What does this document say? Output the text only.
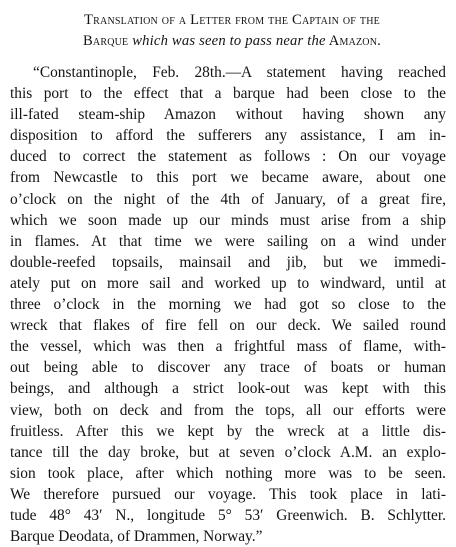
Translation of a Letter from the Captain of the
Barque which was seen to pass near the Amazon.
“Constantinople, Feb. 28th.—A statement having reached
this port to the effect that a barque had been close to the
ill-fated steam-ship Amazon without having shown any
disposition to afford the sufferers any assistance, I am in-
duced to correct the statement as follows : On our voyage
from Newcastle to this port we became aware, about one
o’clock on the night of the 4th of January, of a great fire,
which we soon made up our minds must arise from a ship
in flames. At that time we were sailing on a wind under
double-reefed topsails, mainsail and jib, but we immedi-
ately put on more sail and worked up to windward, until at
three o’clock in the morning we had got so close to the
wreck that flakes of fire fell on our deck. We sailed round
the vessel, which was then a frightful mass of flame, with-
out being able to discover any trace of boats or human
beings, and although a strict look-out was kept with this
view, both on deck and from the tops, all our efforts were
fruitless. After this we kept by the wreck at a little dis-
tance till the day broke, but at seven o’clock A.M. an explo-
sion took place, after which nothing more was to be seen.
We therefore pursued our voyage. This took place in lati-
tude 48° 43′ N., longitude 5° 53′ Greenwich. B. Schlytter.
Barque Deodata, of Drammen, Norway.”
